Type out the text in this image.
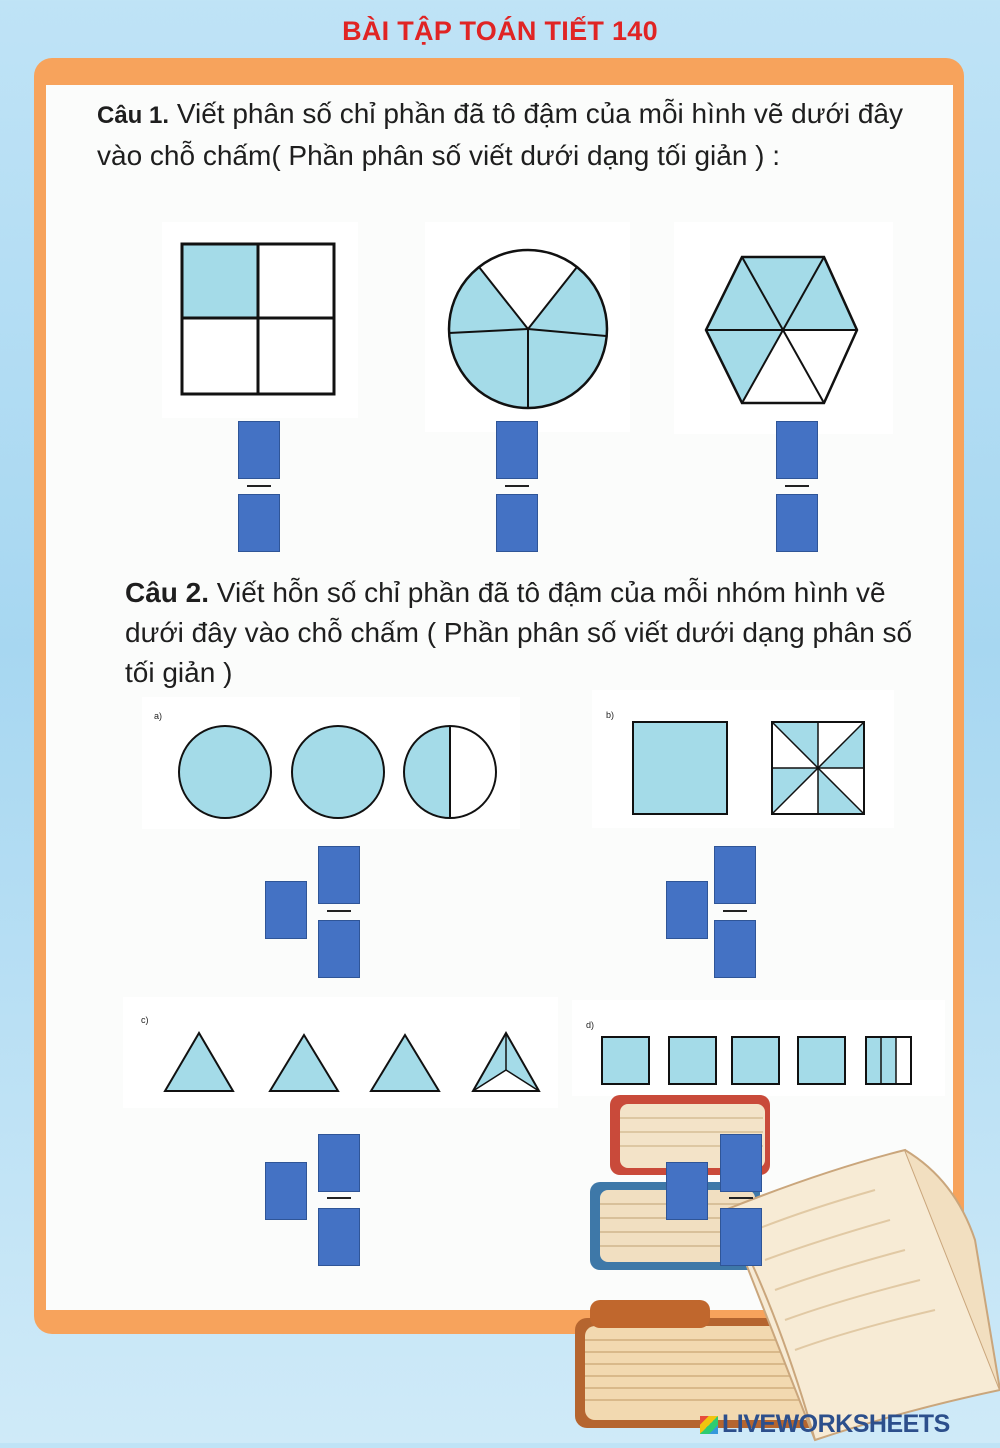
BÀI TẬP TOÁN TIẾT 140
Câu 1. Viết phân số chỉ phần đã tô đậm của mỗi hình vẽ dưới đây vào chỗ chấm( Phần phân số viết dưới dạng tối giản ) :
Câu 2. Viết hỗn số chỉ phần đã tô đậm của mỗi nhóm hình vẽ dưới đây vào chỗ chấm ( Phần phân số viết dưới dạng phân số tối giản )
a)	b)
c)	d)
LIVEWORKSHEETS
